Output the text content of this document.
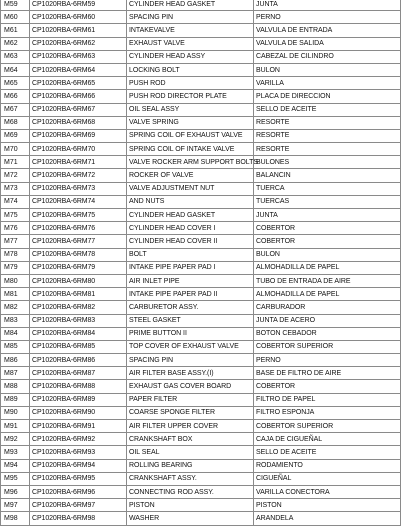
M59	CP1020RBA-6RM59	CYLINDER HEAD GASKET	JUNTA
M60	CP1020RBA-6RM60	SPACING PIN	PERNO
M61	CP1020RBA-6RM61	INTAKEVALVE	VALVULA DE ENTRADA
M62	CP1020RBA-6RM62	EXHAUST VALVE	VALVULA DE SALIDA
M63	CP1020RBA-6RM63	CYLINDER HEAD ASSY	CABEZAL DE CILINDRO
M64	CP1020RBA-6RM64	LOCKING BOLT	BULON
M65	CP1020RBA-6RM65	PUSH ROD	VARILLA
M66	CP1020RBA-6RM66	PUSH ROD DIRECTOR PLATE	PLACA DE DIRECCION
M67	CP1020RBA-6RM67	OIL SEAL ASSY	SELLO DE ACEITE
M68	CP1020RBA-6RM68	VALVE SPRING	RESORTE
M69	CP1020RBA-6RM69	SPRING COIL OF EXHAUST VALVE	RESORTE
M70	CP1020RBA-6RM70	SPRING COIL OF INTAKE VALVE	RESORTE
M71	CP1020RBA-6RM71	VALVE ROCKER ARM SUPPORT BOLTS	BULONES
M72	CP1020RBA-6RM72	ROCKER OF VALVE	BALANCIN
M73	CP1020RBA-6RM73	VALVE ADJUSTMENT NUT	TUERCA
M74	CP1020RBA-6RM74	AND NUTS	TUERCAS
M75	CP1020RBA-6RM75	CYLINDER HEAD GASKET	JUNTA
M76	CP1020RBA-6RM76	CYLINDER HEAD COVER I	COBERTOR
M77	CP1020RBA-6RM77	CYLINDER HEAD COVER II	COBERTOR
M78	CP1020RBA-6RM78	BOLT	BULON
M79	CP1020RBA-6RM79	INTAKE PIPE PAPER PAD I	ALMOHADILLA DE PAPEL
M80	CP1020RBA-6RM80	AIR INLET PIPE	TUBO DE ENTRADA DE AIRE
M81	CP1020RBA-6RM81	INTAKE PIPE PAPER PAD II	ALMOHADILLA DE PAPEL
M82	CP1020RBA-6RM82	CARBURETOR ASSY.	CARBURADOR
M83	CP1020RBA-6RM83	STEEL GASKET	JUNTA DE ACERO
M84	CP1020RBA-6RM84	PRIME BUTTON II	BOTON CEBADOR
M85	CP1020RBA-6RM85	TOP COVER OF EXHAUST VALVE	COBERTOR SUPERIOR
M86	CP1020RBA-6RM86	SPACING PIN	PERNO
M87	CP1020RBA-6RM87	AIR FILTER BASE ASSY.(I)	BASE DE FILTRO DE AIRE
M88	CP1020RBA-6RM88	EXHAUST GAS COVER BOARD	COBERTOR
M89	CP1020RBA-6RM89	PAPER FILTER	FILTRO DE PAPEL
M90	CP1020RBA-6RM90	COARSE SPONGE FILTER	FILTRO ESPONJA
M91	CP1020RBA-6RM91	AIR FILTER UPPER COVER	COBERTOR SUPERIOR
M92	CP1020RBA-6RM92	CRANKSHAFT BOX	CAJA DE CIGUEÑAL
M93	CP1020RBA-6RM93	OIL SEAL	SELLO DE ACEITE
M94	CP1020RBA-6RM94	ROLLING BEARING	RODAMIENTO
M95	CP1020RBA-6RM95	CRANKSHAFT ASSY.	CIGUEÑAL
M96	CP1020RBA-6RM96	CONNECTING ROD ASSY.	VARILLA CONECTORA
M97	CP1020RBA-6RM97	PISTON	PISTON
M98	CP1020RBA-6RM98	WASHER	ARANDELA
